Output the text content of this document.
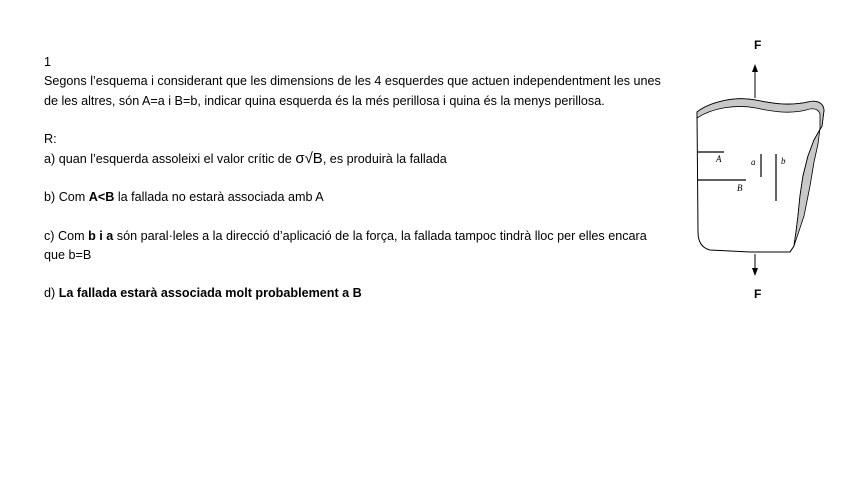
1
Segons l’esquema i considerant que les dimensions de les 4 esquerdes que actuen independentment les unes de les altres, són A=a i B=b, indicar quina esquerda és la més perillosa i quina és la menys perillosa.
R:
a) quan l’esquerda assoleixi el valor crític de σ√B, es produirà la fallada
b) Com A<B la fallada no estarà associada amb A
c) Com b i a són paral·leles a la direcció d’aplicació de la força, la fallada tampoc tindrà lloc per elles encara que b=B
d) La fallada estarà associada molt probablement a B
F
A
B
a	b
F
